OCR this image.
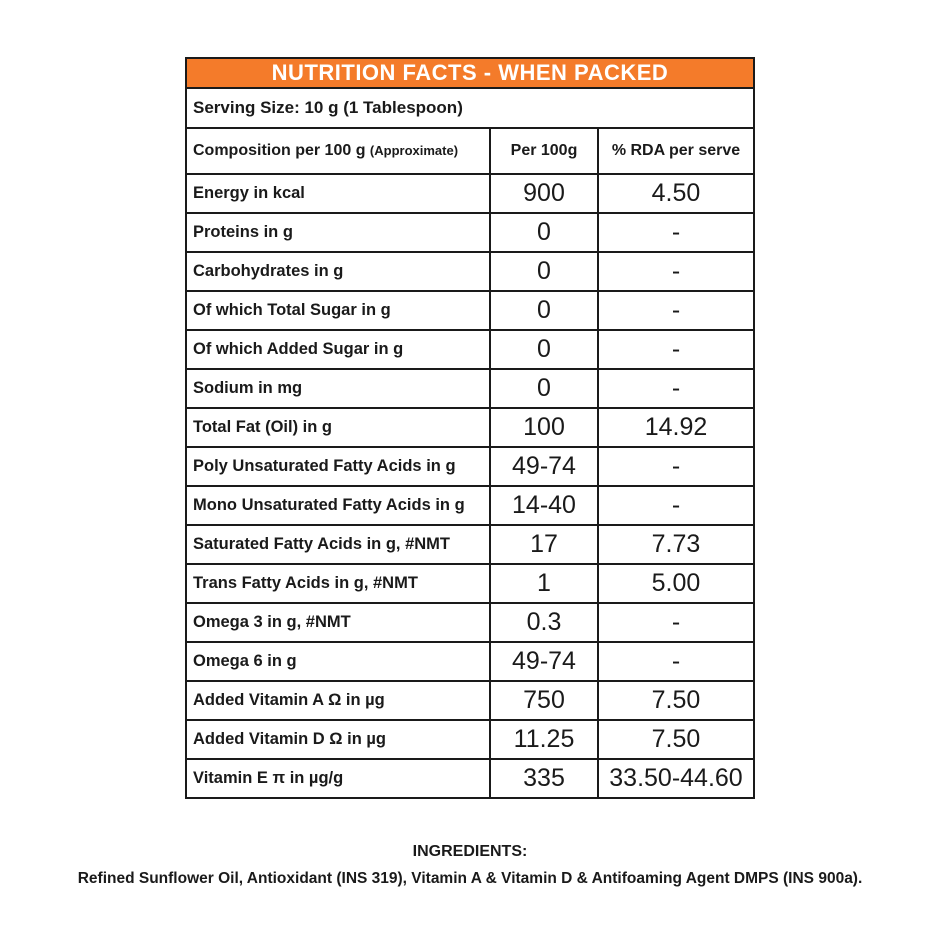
NUTRITION FACTS - WHEN PACKED
Serving Size: 10 g (1 Tablespoon)
Composition per 100 g (Approximate)	Per 100g	% RDA per serve
Energy in kcal	900	4.50
Proteins in g	0	-
Carbohydrates in g	0	-
Of which Total Sugar in g	0	-
Of which Added Sugar in g	0	-
Sodium in mg	0	-
Total Fat (Oil) in g	100	14.92
Poly Unsaturated Fatty Acids in g	49-74	-
Mono Unsaturated Fatty Acids in g	14-40	-
Saturated Fatty Acids in g, #NMT	17	7.73
Trans Fatty Acids in g, #NMT	1	5.00
Omega 3 in g, #NMT	0.3	-
Omega 6 in g	49-74	-
Added Vitamin A Ω in µg	750	7.50
Added Vitamin D Ω in µg	11.25	7.50
Vitamin E π in µg/g	335	33.50-44.60
INGREDIENTS:
Refined Sunflower Oil, Antioxidant (INS 319), Vitamin A & Vitamin D & Antifoaming Agent DMPS (INS 900a).
